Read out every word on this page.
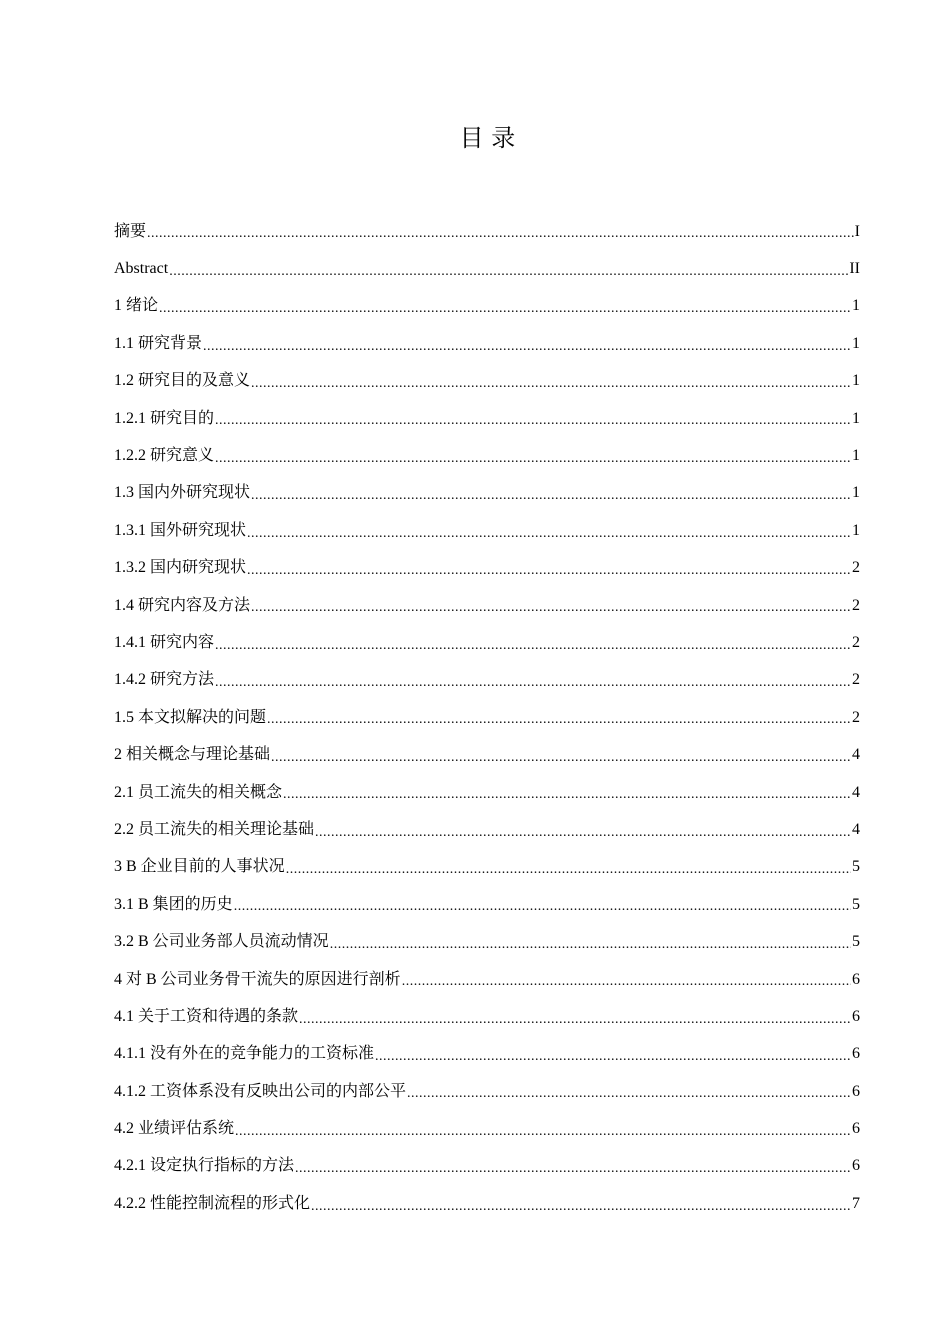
目 录
摘要 .....	I
Abstract .....	II
1 绪论 .....	1
1.1 研究背景 .....	1
1.2 研究目的及意义 .....	1
1.2.1 研究目的 .....	1
1.2.2 研究意义 .....	1
1.3 国内外研究现状 .....	1
1.3.1 国外研究现状 .....	1
1.3.2 国内研究现状 .....	2
1.4 研究内容及方法 .....	2
1.4.1 研究内容 .....	2
1.4.2 研究方法 .....	2
1.5 本文拟解决的问题 .....	2
2 相关概念与理论基础 .....	4
2.1 员工流失的相关概念 .....	4
2.2 员工流失的相关理论基础 .....	4
3 B 企业目前的人事状况 .....	5
3.1 B 集团的历史 .....	5
3.2 B 公司业务部人员流动情况 .....	5
4 对 B 公司业务骨干流失的原因进行剖析 .....	6
4.1 关于工资和待遇的条款 .....	6
4.1.1 没有外在的竞争能力的工资标准 .....	6
4.1.2 工资体系没有反映出公司的内部公平 .....	6
4.2 业绩评估系统 .....	6
4.2.1 设定执行指标的方法 .....	6
4.2.2 性能控制流程的形式化 .....	7
